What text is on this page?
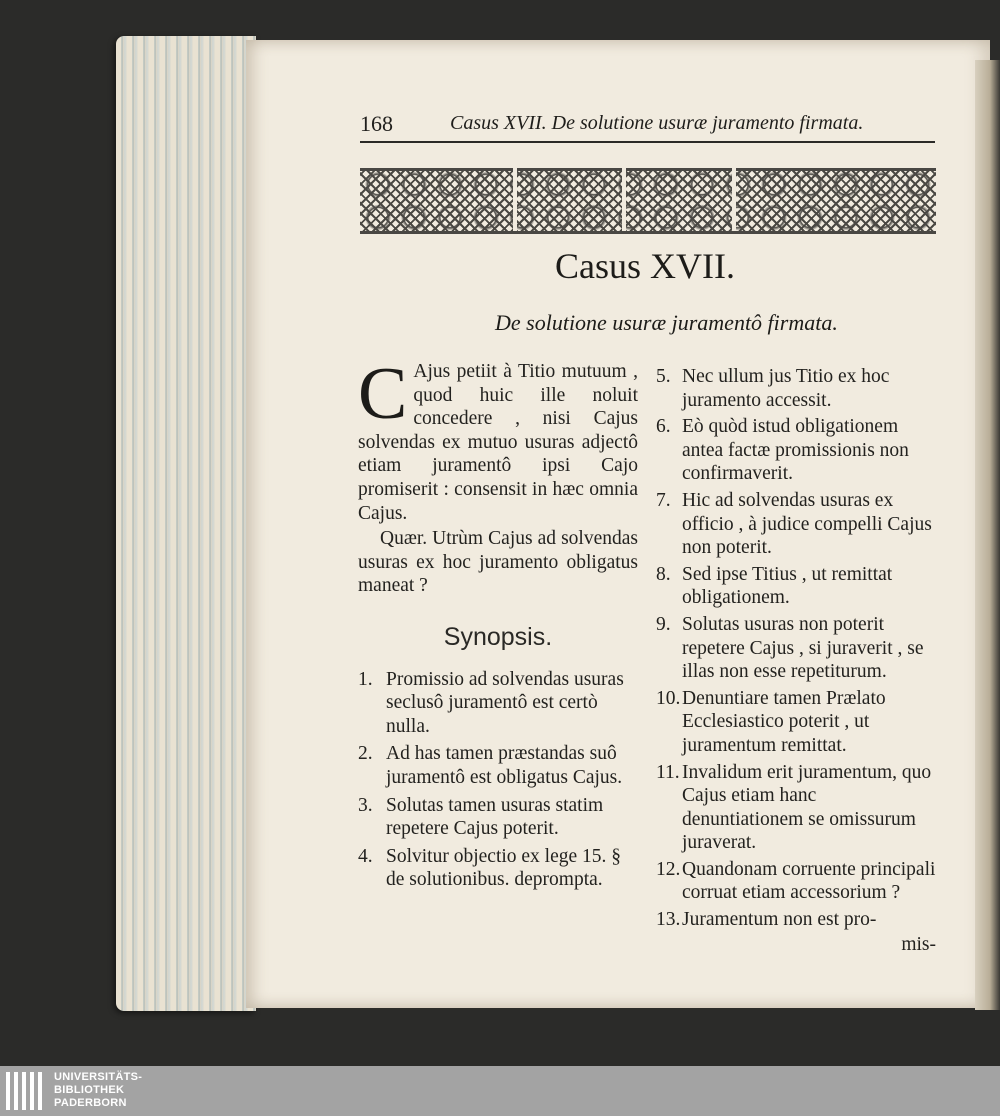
168	Casus XVII. De solutione usuræ juramento firmata.
Casus XVII.
De solutione usuræ juramentô firmata.
C Ajus petiit à Titio mutuum , quod huic ille noluit concedere , nisi Cajus solvendas ex mutuo usuras adjectô etiam juramentô ipsi Cajo promiserit : consensit in hæc omnia Cajus.

Quær. Utrùm Cajus ad solvendas usuras ex hoc juramento obligatus maneat ?

Synopsis.
1. Promissio ad solvendas usuras seclusô juramentô est certò nulla.
2. Ad has tamen præstandas suô juramentô est obligatus Cajus.
3. Solutas tamen usuras statim repetere Cajus poterit.
4. Solvitur objectio ex lege 15. § de solutionibus. deprompta.
5. Nec ullum jus Titio ex hoc juramento accessit.
6. Eò quòd istud obligationem antea factæ promissionis non confirmaverit.
7. Hic ad solvendas usuras ex officio , à judice compelli Cajus non poterit.
8. Sed ipse Titius , ut remittat obligationem.
9. Solutas usuras non poterit repetere Cajus , si juraverit , se illas non esse repetiturum.
10. Denuntiare tamen Prælato Ecclesiastico poterit , ut juramentum remittat.
11. Invalidum erit juramentum, quo Cajus etiam hanc denuntiationem se omissurum juraverat.
12. Quandonam corruente principali corruat etiam accessorium ?
13. Juramentum non est pro-
mis-
UNIVERSITÄTS-
BIBLIOTHEK
PADERBORN
